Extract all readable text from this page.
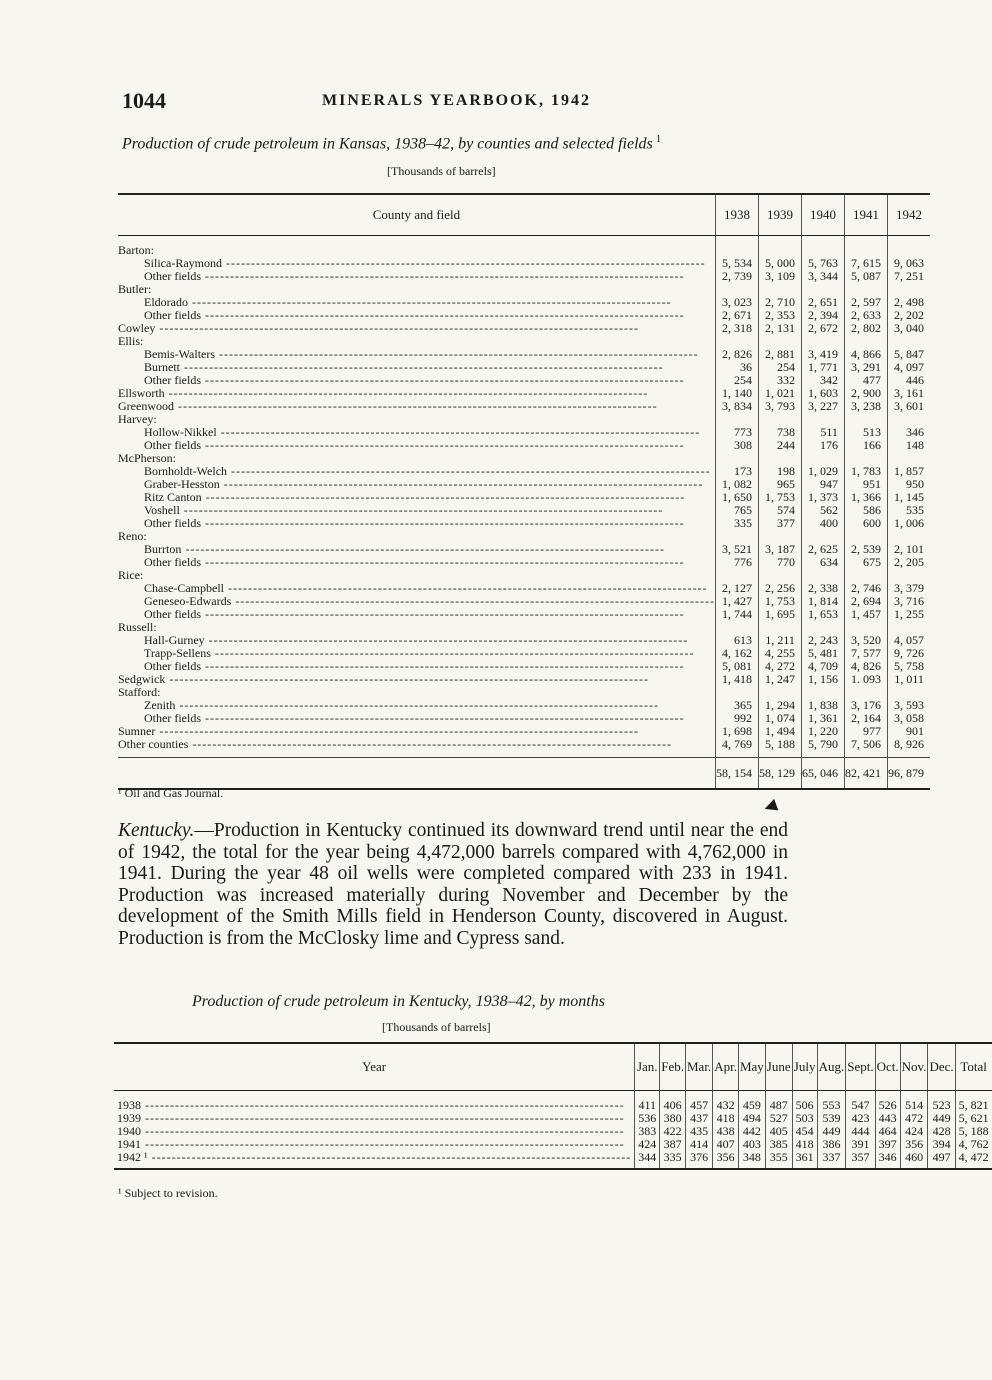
1044	MINERALS YEARBOOK, 1942
Production of crude petroleum in Kansas, 1938–42, by counties and selected fields $^1$
[Thousands of barrels]
County and field	1938	1939	1940	1941	1942

Barton:					
Silica-Raymond -----	5, 534	5, 000	5, 763	7, 615	9, 063
Other fields -----	2, 739	3, 109	3, 344	5, 087	7, 251
Butler:					
Eldorado -----	3, 023	2, 710	2, 651	2, 597	2, 498
Other fields -----	2, 671	2, 353	2, 394	2, 633	2, 202
Cowley -----	2, 318	2, 131	2, 672	2, 802	3, 040
Ellis:					
Bemis-Walters -----	2, 826	2, 881	3, 419	4, 866	5, 847
Burnett -----	36	254	1, 771	3, 291	4, 097
Other fields -----	254	332	342	477	446
Ellsworth -----	1, 140	1, 021	1, 603	2, 900	3, 161
Greenwood -----	3, 834	3, 793	3, 227	3, 238	3, 601
Harvey:					
Hollow-Nikkel -----	773	738	511	513	346
Other fields -----	308	244	176	166	148
McPherson:					
Bornholdt-Welch -----	173	198	1, 029	1, 783	1, 857
Graber-Hesston -----	1, 082	965	947	951	950
Ritz Canton -----	1, 650	1, 753	1, 373	1, 366	1, 145
Voshell -----	765	574	562	586	535
Other fields -----	335	377	400	600	1, 006
Reno:					
Burrton -----	3, 521	3, 187	2, 625	2, 539	2, 101
Other fields -----	776	770	634	675	2, 205
Rice:					
Chase-Campbell -----	2, 127	2, 256	2, 338	2, 746	3, 379
Geneseo-Edwards -----	1, 427	1, 753	1, 814	2, 694	3, 716
Other fields -----	1, 744	1, 695	1, 653	1, 457	1, 255
Russell:					
Hall-Gurney -----	613	1, 211	2, 243	3, 520	4, 057
Trapp-Sellens -----	4, 162	4, 255	5, 481	7, 577	9, 726
Other fields -----	5, 081	4, 272	4, 709	4, 826	5, 758
Sedgwick -----	1, 418	1, 247	1, 156	1. 093	1, 011
Stafford:					
Zenith -----	365	1, 294	1, 838	3, 176	3, 593
Other fields -----	992	1, 074	1, 361	2, 164	3, 058
Sumner -----	1, 698	1, 494	1, 220	977	901
Other counties -----	4, 769	5, 188	5, 790	7, 506	8, 926

	58, 154	58, 129	65, 046	82, 421	96, 879
¹ Oil and Gas Journal.
◀
Kentucky.—Production in Kentucky continued its downward trend until near the end of 1942, the total for the year being 4,472,000 barrels compared with 4,762,000 in 1941. During the year 48 oil wells were completed compared with 233 in 1941. Production was increased materially during November and December by the development of the Smith Mills field in Henderson County, discovered in August. Production is from the McClosky lime and Cypress sand.
Production of crude petroleum in Kentucky, 1938–42, by months
[Thousands of barrels]
Year	Jan.	Feb.	Mar.	Apr.	May	June	July	Aug.	Sept.	Oct.	Nov.	Dec.	Total

1938 -----	411	406	457	432	459	487	506	553	547	526	514	523	5, 821
1939 -----	536	380	437	418	494	527	503	539	423	443	472	449	5, 621
1940 -----	383	422	435	438	442	405	454	449	444	464	424	428	5, 188
1941 -----	424	387	414	407	403	385	418	386	391	397	356	394	4, 762
1942 ¹ -----	344	335	376	356	348	355	361	337	357	346	460	497	4, 472
¹ Subject to revision.
